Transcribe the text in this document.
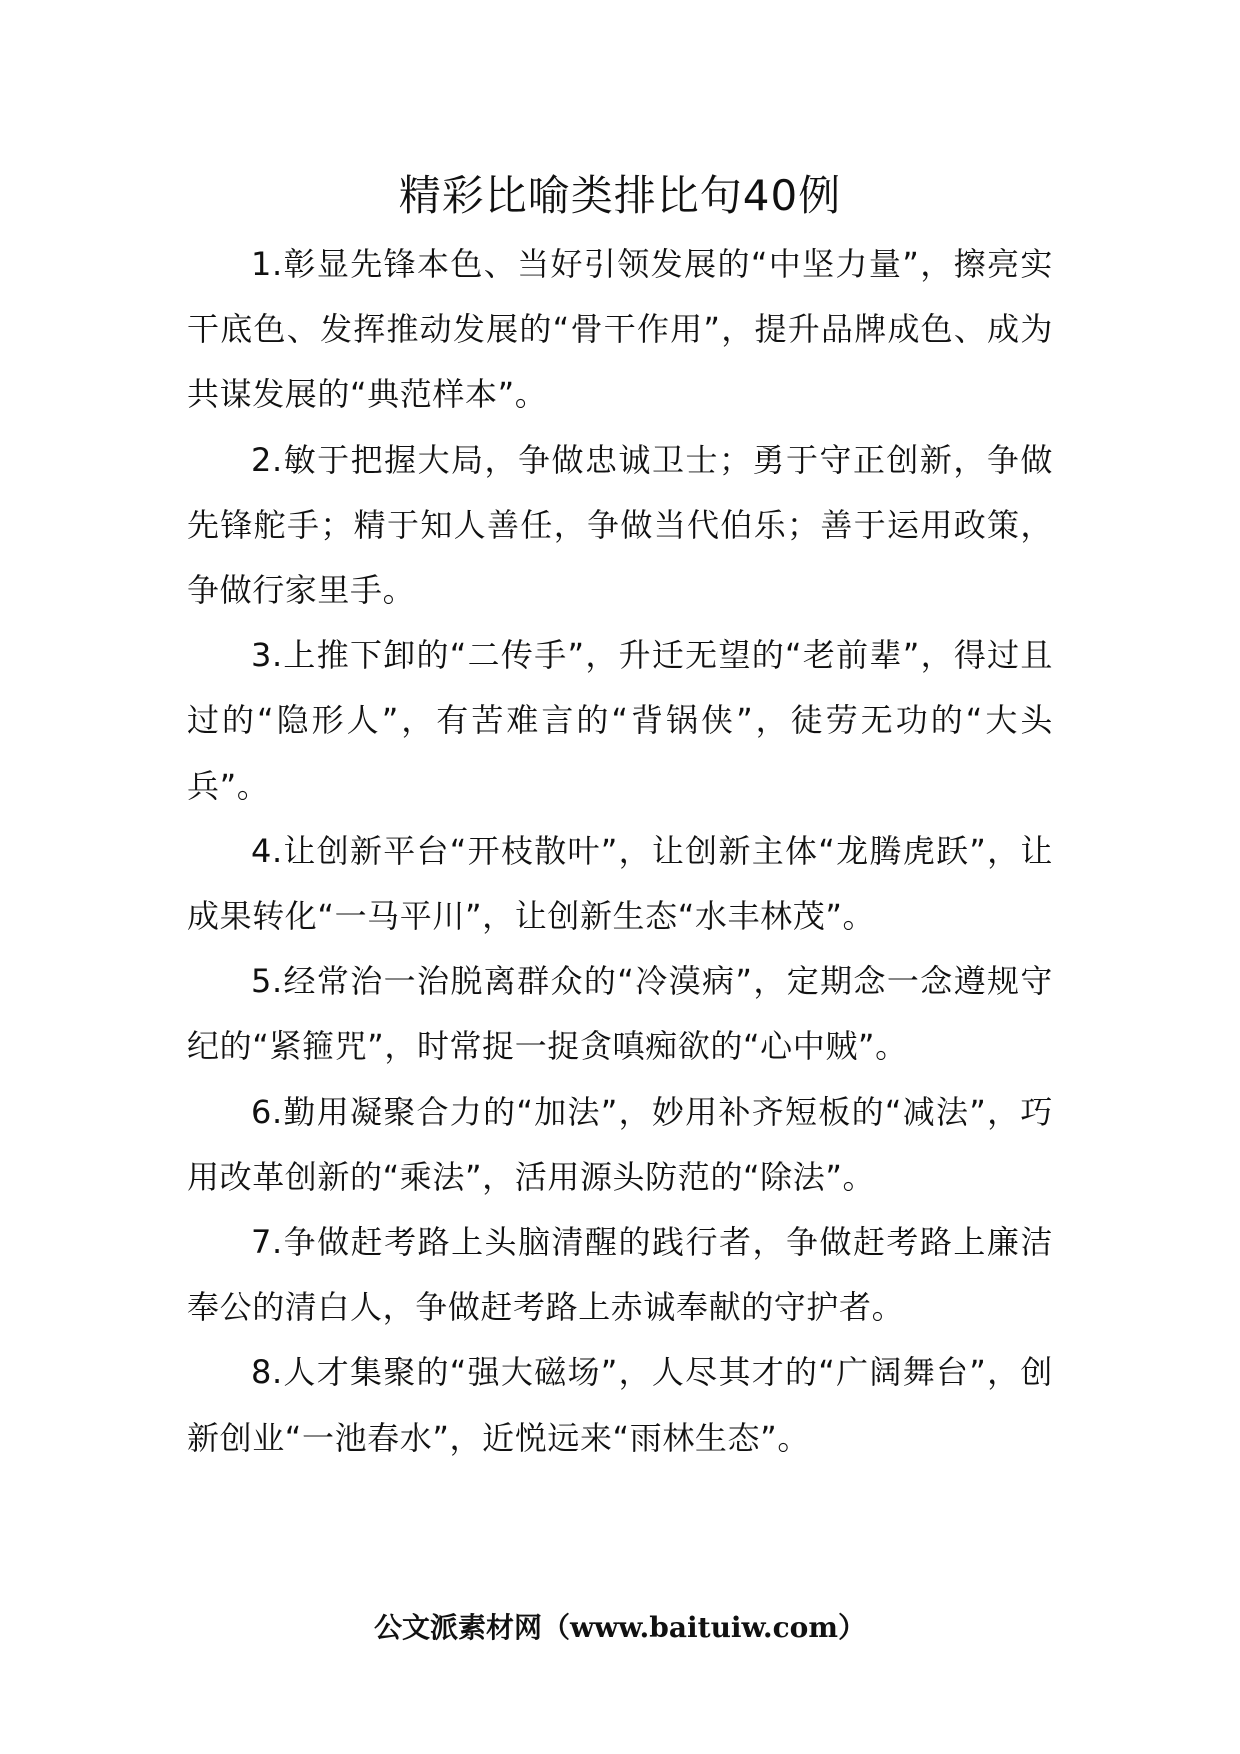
精彩比喻类排比句40例

1.彰显先锋本色、当好引领发展的“中坚力量”，擦亮实干底色、发挥推动发展的“骨干作用”，提升品牌成色、成为共谋发展的“典范样本”。

2.敏于把握大局，争做忠诚卫士；勇于守正创新，争做先锋舵手；精于知人善任，争做当代伯乐；善于运用政策，争做行家里手。

3.上推下卸的“二传手”，升迁无望的“老前辈”，得过且过的“隐形人”，有苦难言的“背锅侠”，徒劳无功的“大头兵”。

4.让创新平台“开枝散叶”，让创新主体“龙腾虎跃”，让成果转化“一马平川”，让创新生态“水丰林茂”。

5.经常治一治脱离群众的“冷漠病”，定期念一念遵规守纪的“紧箍咒”，时常捉一捉贪嗔痴欲的“心中贼”。

6.勤用凝聚合力的“加法”，妙用补齐短板的“减法”，巧用改革创新的“乘法”，活用源头防范的“除法”。

7.争做赶考路上头脑清醒的践行者，争做赶考路上廉洁奉公的清白人，争做赶考路上赤诚奉献的守护者。

8.人才集聚的“强大磁场”，人尽其才的“广阔舞台”，创新创业“一池春水”，近悦远来“雨林生态”。

公文派素材网（www.baituiw.com）
